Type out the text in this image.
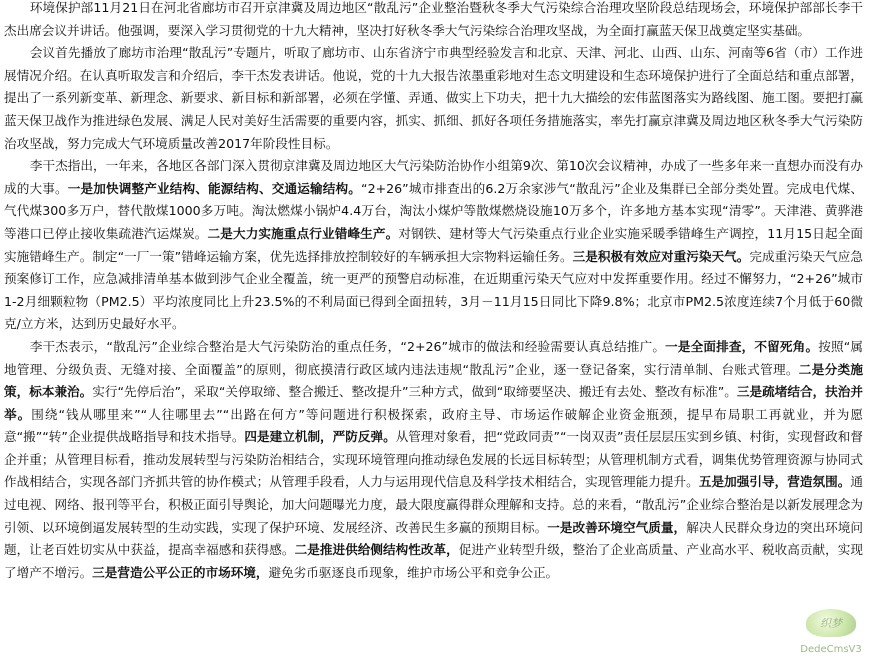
环境保护部11月21日在河北省廊坊市召开京津冀及周边地区“散乱污”企业整治暨秋冬季大气污染综合治理攻坚阶段总结现场会，环境保护部部长李干杰出席会议并讲话。他强调，要深入学习贯彻党的十九大精神，坚决打好秋冬季大气污染综合治理攻坚战，为全面打赢蓝天保卫战奠定坚实基础。

会议首先播放了廊坊市治理“散乱污”专题片，听取了廊坊市、山东省济宁市典型经验发言和北京、天津、河北、山西、山东、河南等6省（市）工作进展情况介绍。在认真听取发言和介绍后，李干杰发表讲话。他说，党的十九大报告浓墨重彩地对生态文明建设和生态环境保护进行了全面总结和重点部署，提出了一系列新变革、新理念、新要求、新目标和新部署，必须在学懂、弄通、做实上下功夫，把十九大描绘的宏伟蓝图落实为路线图、施工图。要把打赢蓝天保卫战作为推进绿色发展、满足人民对美好生活需要的重要内容，抓实、抓细、抓好各项任务措施落实，率先打赢京津冀及周边地区秋冬季大气污染防治攻坚战，努力完成大气环境质量改善2017年阶段性目标。

李干杰指出，一年来，各地区各部门深入贯彻京津冀及周边地区大气污染防治协作小组第9次、第10次会议精神，办成了一些多年来一直想办而没有办成的大事。一是加快调整产业结构、能源结构、交通运输结构。“2+26”城市排查出的6.2万余家涉气“散乱污”企业及集群已全部分类处置。完成电代煤、气代煤300多万户，替代散煤1000多万吨。淘汰燃煤小锅炉4.4万台，淘汰小煤炉等散煤燃烧设施10万多个，许多地方基本实现“清零”。天津港、黄骅港等港口已停止接收集疏港汽运煤炭。二是大力实施重点行业错峰生产。对钢铁、建材等大气污染重点行业企业实施采暖季错峰生产调控，11月15日起全面实施错峰生产。制定“一厂一策”错峰运输方案，优先选择排放控制较好的车辆承担大宗物料运输任务。三是积极有效应对重污染天气。完成重污染天气应急预案修订工作，应急减排清单基本做到涉气企业全覆盖，统一更严的预警启动标准，在近期重污染天气应对中发挥重要作用。经过不懈努力，“2+26”城市1-2月细颗粒物（PM2.5）平均浓度同比上升23.5%的不利局面已得到全面扭转，3月－11月15日同比下降9.8%；北京市PM2.5浓度连续7个月低于60微克/立方米，达到历史最好水平。

李干杰表示，“散乱污”企业综合整治是大气污染防治的重点任务，“2+26”城市的做法和经验需要认真总结推广。一是全面排查，不留死角。按照“属地管理、分级负责、无缝对接、全面覆盖”的原则，彻底摸清行政区域内违法违规“散乱污”企业，逐一登记备案，实行清单制、台账式管理。二是分类施策，标本兼治。实行“先停后治”，采取“关停取缔、整合搬迁、整改提升”三种方式，做到“取缔要坚决、搬迁有去处、整改有标准”。三是疏堵结合，扶治并举。围绕“钱从哪里来”“人往哪里去”“出路在何方”等问题进行积极探索，政府主导、市场运作破解企业资金瓶颈，提早布局职工再就业，并为愿意“搬”“转”企业提供战略指导和技术指导。四是建立机制，严防反弹。从管理对象看，把“党政同责”“一岗双责”责任层层压实到乡镇、村街，实现督政和督企并重；从管理目标看，推动发展转型与污染防治相结合，实现环境管理向推动绿色发展的长远目标转型；从管理机制方式看，调集优势管理资源与协同式作战相结合，实现各部门齐抓共管的协作模式；从管理手段看，人力与运用现代信息及科学技术相结合，实现管理能力提升。五是加强引导，营造氛围。通过电视、网络、报刊等平台，积极正面引导舆论，加大问题曝光力度，最大限度赢得群众理解和支持。总的来看，“散乱污”企业综合整治是以新发展理念为引领、以环境倒逼发展转型的生动实践，实现了保护环境、发展经济、改善民生多赢的预期目标。一是改善环境空气质量，解决人民群众身边的突出环境问题，让老百姓切实从中获益，提高幸福感和获得感。二是推进供给侧结构性改革，促进产业转型升级，整治了企业高质量、产业高水平、税收高贡献，实现了增产不增污。三是营造公平公正的市场环境，避免劣币驱逐良币现象，维护市场公平和竞争公正。

织梦
DedeCmsV3
